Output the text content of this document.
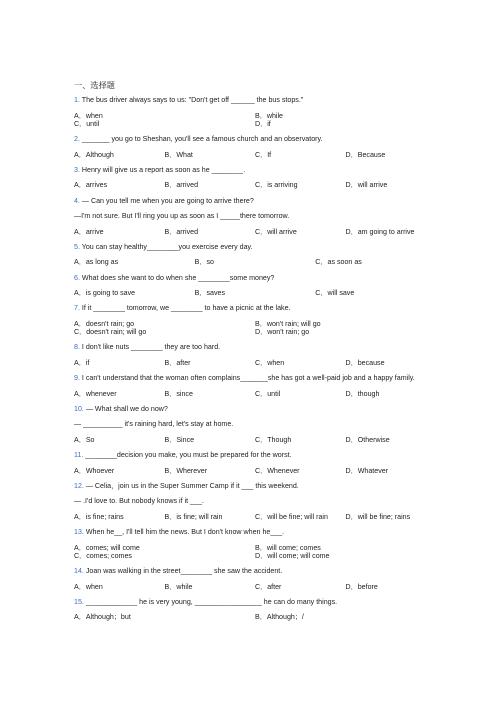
一、选择题
1. The bus driver always says to us: "Don't get off ______ the bus stops."
A．when	B．while
C．until	D．if
2. _______ you go to Sheshan, you'll see a famous church and an observatory.
A．Although	B．What	C．If	D．Because
3. Henry will give us a report as soon as he ________.
A．arrives	B．arrived	C．is arriving	D．will arrive
4. — Can you tell me when you are going to arrive there?
—I'm not sure. But I'll ring you up as soon as I _____there tomorrow.
A．arrive	B．arrived	C．will arrive	D．am going to arrive
5. You can stay healthy________you exercise every day.
A．as long as	B．so	C．as soon as
6. What does she want to do when she ________some money?
A．is going to save	B．saves	C．will save
7. If it ________ tomorrow, we ________ to have a picnic at the lake.
A．doesn't rain; go	B．won't rain; will go
C．doesn't rain; will go	D．won't rain; go
8. I don't like nuts ________ they are too hard.
A．if	B．after	C．when	D．because
9. I can't understand that the woman often complains_______she has got a well-paid job and a happy family.
A．whenever	B．since	C．until	D．though
10. — What shall we do now?
— __________ it's raining hard, let's stay at home.
A．So	B．Since	C．Though	D．Otherwise
11. ________decision you make, you must be prepared for the worst.
A．Whoever	B．Wherever	C．Whenever	D．Whatever
12. — Celia，join us in the Super Summer Camp if it ___ this weekend.
— .I'd love to. But nobody knows if it ___.
A．is fine; rains	B．is fine; will rain	C．will be fine; will rain	D．will be fine; rains
13. When he__, I'll tell him the news. But I don't know when he___.
A．comes; will come	B．will come; comes
C．comes; comes	D．will come; will come
14. Joan was walking in the street________ she saw the accident.
A．when	B．while	C．after	D．before
15. _____________ he is very young, _________________ he can do many things.
A．Although；but	B．Although；/
